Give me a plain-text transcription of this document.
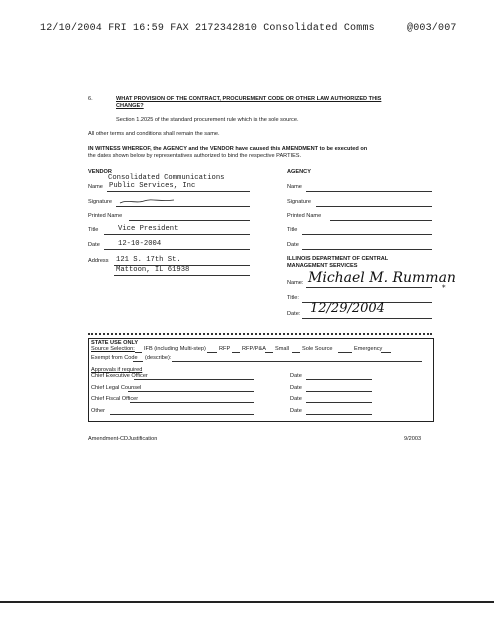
12/10/2004 FRI 16:59 FAX 2172342810 Consolidated Comms	@003/007
6.	WHAT PROVISION OF THE CONTRACT, PROCUREMENT CODE OR OTHER LAW AUTHORIZED THIS
CHANGE?
Section 1.2025 of the standard procurement rule which is the sole source.
All other terms and conditions shall remain the same.
IN WITNESS WHEREOF, the AGENCY and the VENDOR have caused this AMENDMENT to be executed on
the dates shown below by representatives authorized to bind the respective PARTIES.
VENDOR
Consolidated Communications
Name Public Services, Inc
Signature
Printed Name
Title	Vice President
Date	12-10-2004
Address 121 S. 17th St.
Mattoon, IL 61938
AGENCY
Name
Signature
Printed Name
Title
Date
ILLINOIS DEPARTMENT OF CENTRAL
MANAGEMENT SERVICES
Name: Michael M. Rumman
*
Title:
Date: 12/29/2004
STATE USE ONLY
Source Selection: IFB (including Multi-step) RFP RFP/P&A Small Sole Source	Emergency
Exempt from Code (describe):
Approvals if required
Chief Executive Officer	Date
Chief Legal Counsel	Date
Chief Fiscal Officer	Date
Other	Date
Amendment-CDJustification	9/2003
